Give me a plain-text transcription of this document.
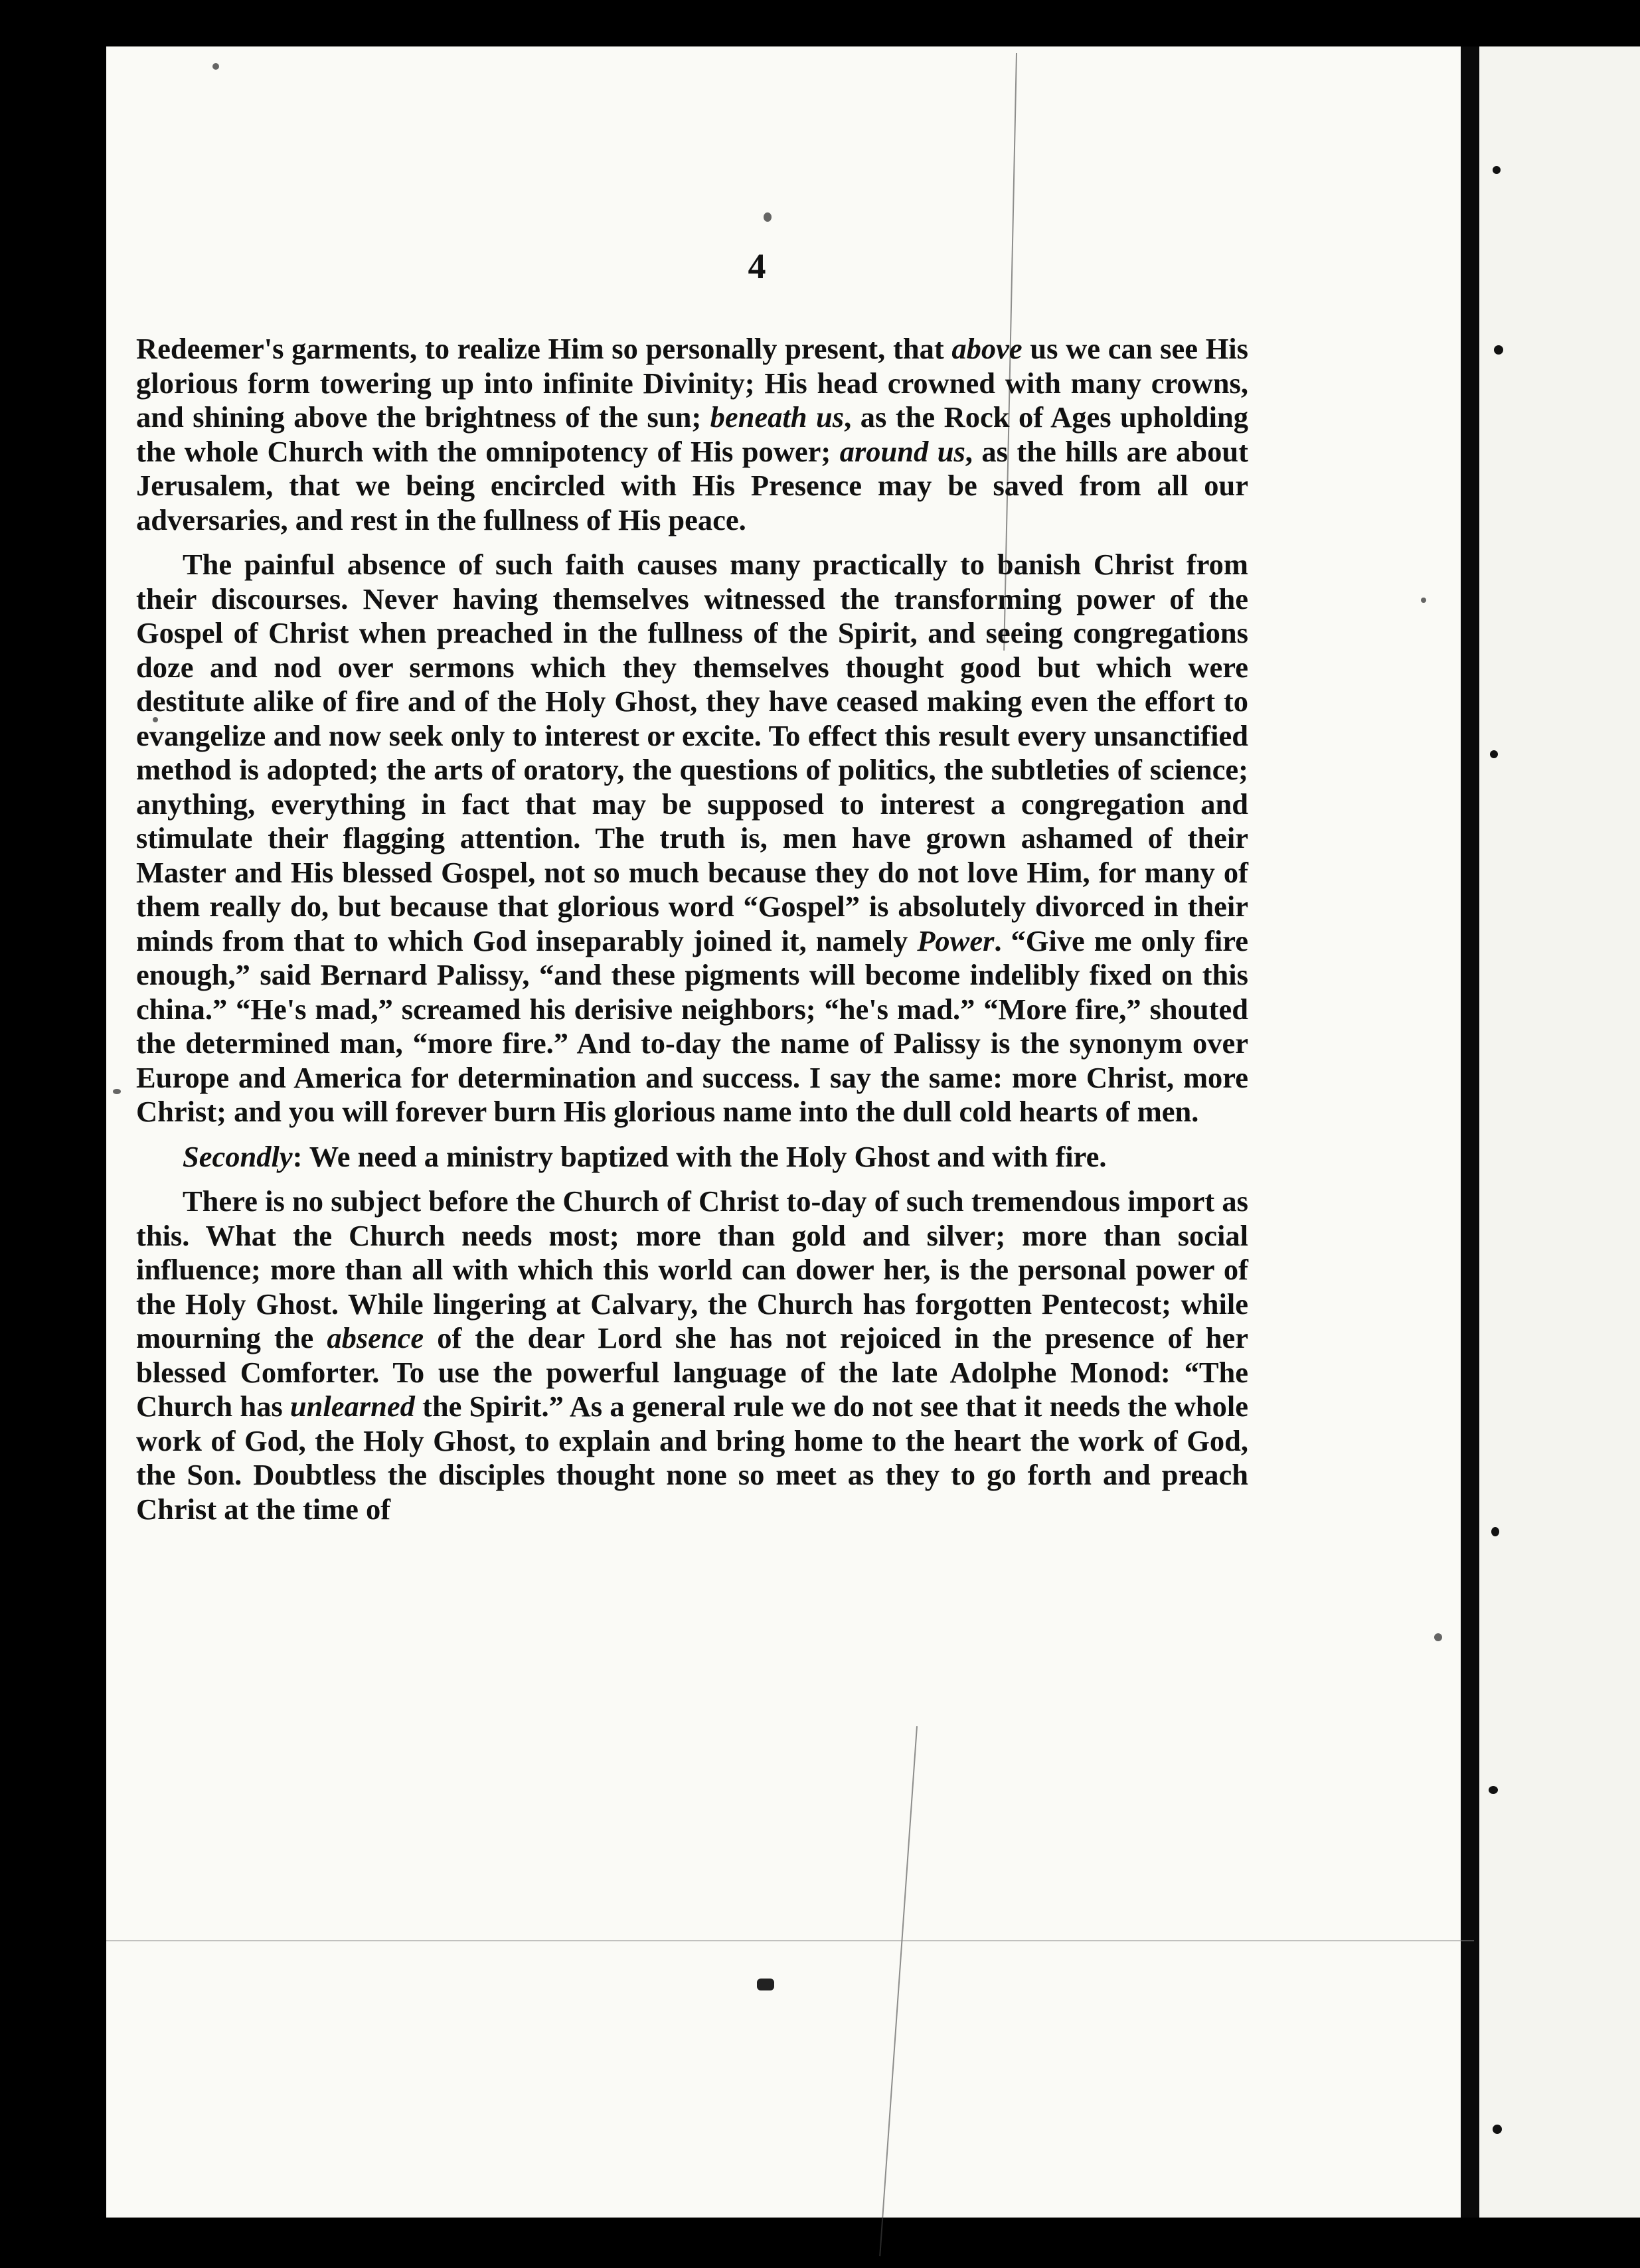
4

Redeemer's garments, to realize Him so personally present, that above us we can see His glorious form towering up into infinite Divinity; His head crowned with many crowns, and shining above the brightness of the sun; beneath us, as the Rock of Ages upholding the whole Church with the omnipotency of His power; around us, as the hills are about Jerusalem, that we being encircled with His Presence may be saved from all our adversaries, and rest in the fullness of His peace.

The painful absence of such faith causes many practically to banish Christ from their discourses. Never having themselves witnessed the transforming power of the Gospel of Christ when preached in the fullness of the Spirit, and seeing congregations doze and nod over sermons which they themselves thought good but which were destitute alike of fire and of the Holy Ghost, they have ceased making even the effort to evangelize and now seek only to interest or excite. To effect this result every unsanctified method is adopted; the arts of oratory, the questions of politics, the subtleties of science; anything, everything in fact that may be supposed to interest a congregation and stimulate their flagging attention. The truth is, men have grown ashamed of their Master and His blessed Gospel, not so much because they do not love Him, for many of them really do, but because that glorious word “Gospel” is absolutely divorced in their minds from that to which God inseparably joined it, namely Power. “Give me only fire enough,” said Bernard Palissy, “and these pigments will become indelibly fixed on this china.” “He's mad,” screamed his derisive neighbors; “he's mad.” “More fire,” shouted the determined man, “more fire.” And to-day the name of Palissy is the synonym over Europe and America for determination and success. I say the same: more Christ, more Christ; and you will forever burn His glorious name into the dull cold hearts of men.

Secondly: We need a ministry baptized with the Holy Ghost and with fire.

There is no subject before the Church of Christ to-day of such tremendous import as this. What the Church needs most; more than gold and silver; more than social influence; more than all with which this world can dower her, is the personal power of the Holy Ghost. While lingering at Calvary, the Church has forgotten Pentecost; while mourning the absence of the dear Lord she has not rejoiced in the presence of her blessed Comforter. To use the powerful language of the late Adolphe Monod: “The Church has unlearned the Spirit.” As a general rule we do not see that it needs the whole work of God, the Holy Ghost, to explain and bring home to the heart the work of God, the Son. Doubtless the disciples thought none so meet as they to go forth and preach Christ at the time of
